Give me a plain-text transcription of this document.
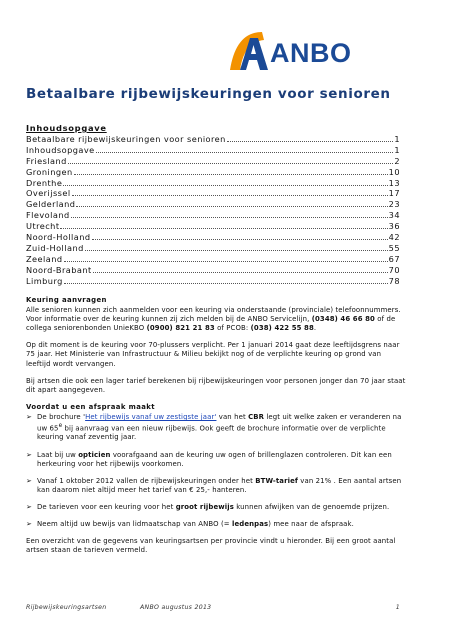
ANBO
Betaalbare rijbewijskeuringen voor senioren
Inhoudsopgave
Betaalbare rijbewijskeuringen voor senioren	1
Inhoudsopgave	1
Friesland	2
Groningen	10
Drenthe	13
Overijssel	17
Gelderland	23
Flevoland	34
Utrecht	36
Noord-Holland	42
Zuid-Holland	55
Zeeland	67
Noord-Brabant	70
Limburg	78
Keuring aanvragen

Alle senioren kunnen zich aanmelden voor een keuring via onderstaande (provinciale) telefoonnummers. Voor informatie over de keuring kunnen zij zich melden bij de ANBO Servicelijn, (0348) 46 66 80 of de collega seniorenbonden UnieKBO (0900) 821 21 83 of PCOB: (038) 422 55 88.

Op dit moment is de keuring voor 70-plussers verplicht. Per 1 januari 2014 gaat deze leeftijdsgrens naar 75 jaar. Het Ministerie van Infrastructuur & Milieu bekijkt nog of de verplichte keuring op grond van leeftijd wordt vervangen.

Bij artsen die ook een lager tarief berekenen bij rijbewijskeuringen voor personen jonger dan 70 jaar staat dit apart aangegeven.

Voordat u een afspraak maakt
➢ De brochure 'Het rijbewijs vanaf uw zestigste jaar' van het CBR legt uit welke zaken er veranderen na uw 65e bij aanvraag van een nieuw rijbewijs. Ook geeft de brochure informatie over de verplichte keuring vanaf zeventig jaar.
➢ Laat bij uw opticien voorafgaand aan de keuring uw ogen of brillenglazen controleren. Dit kan een herkeuring voor het rijbewijs voorkomen.
➢ Vanaf 1 oktober 2012 vallen de rijbewijskeuringen onder het BTW-tarief van 21% . Een aantal artsen kan daarom niet altijd meer het tarief van € 25,- hanteren.
➢ De tarieven voor een keuring voor het groot rijbewijs kunnen afwijken van de genoemde prijzen.
➢ Neem altijd uw bewijs van lidmaatschap van ANBO (= ledenpas) mee naar de afspraak.

Een overzicht van de gegevens van keuringsartsen per provincie vindt u hieronder. Bij een groot aantal artsen staan de tarieven vermeld.

Rijbewijskeuringsartsen	ANBO augustus 2013	1
